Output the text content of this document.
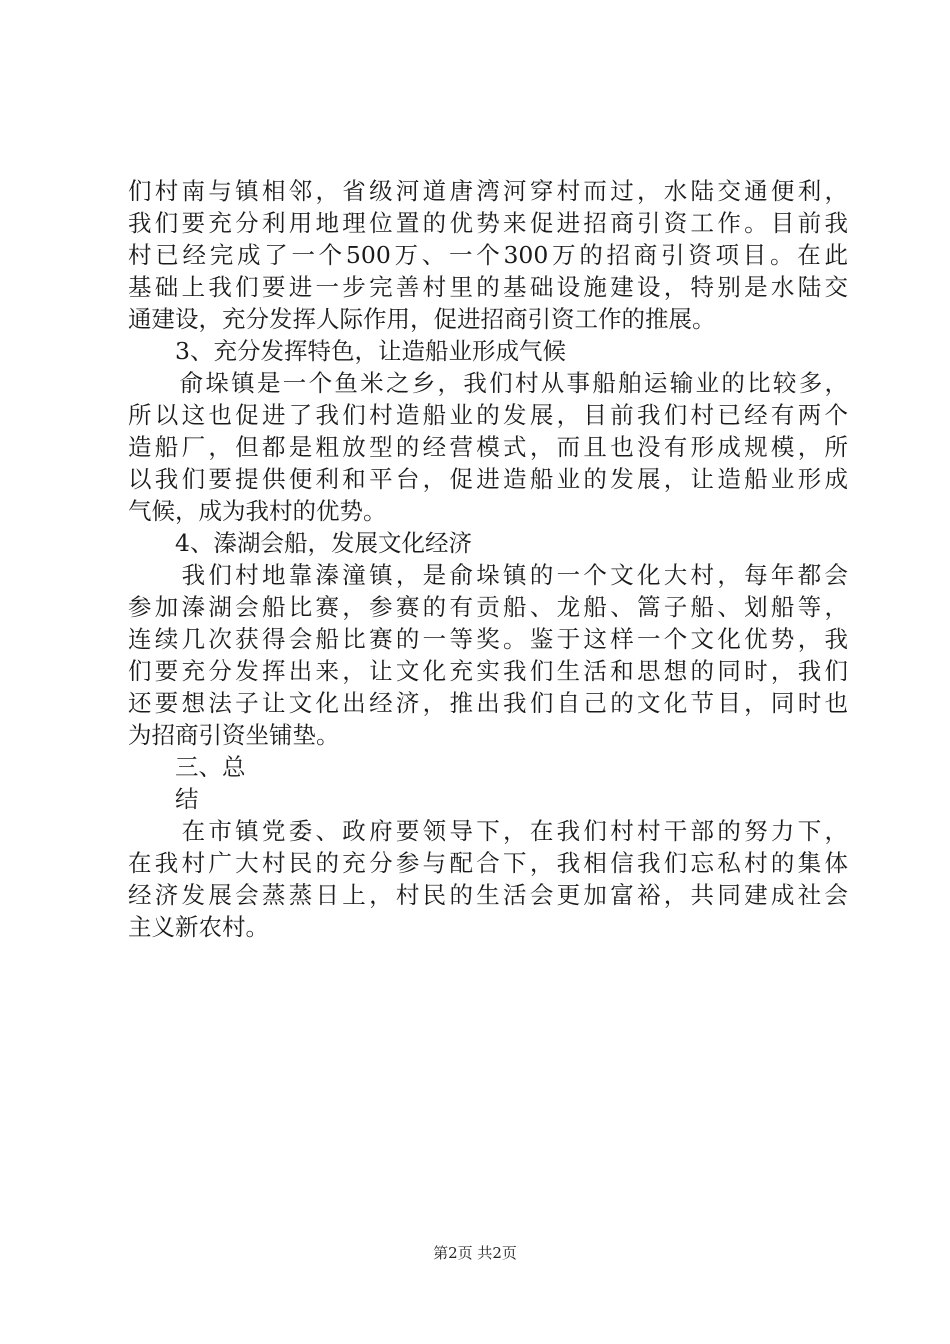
们村南与镇相邻，省级河道唐湾河穿村而过，水陆交通便利，
我们要充分利用地理位置的优势来促进招商引资工作。目前我
村已经完成了一个500万、一个300万的招商引资项目。在此
基础上我们要进一步完善村里的基础设施建设，特别是水陆交
通建设，充分发挥人际作用，促进招商引资工作的推展。
　　3、充分发挥特色，让造船业形成气候
　　俞垛镇是一个鱼米之乡，我们村从事船舶运输业的比较多，
所以这也促进了我们村造船业的发展，目前我们村已经有两个
造船厂，但都是粗放型的经营模式，而且也没有形成规模，所
以我们要提供便利和平台，促进造船业的发展，让造船业形成
气候，成为我村的优势。
　　4、溱湖会船，发展文化经济
　　我们村地靠溱潼镇，是俞垛镇的一个文化大村，每年都会
参加溱湖会船比赛，参赛的有贡船、龙船、篙子船、划船等，
连续几次获得会船比赛的一等奖。鉴于这样一个文化优势，我
们要充分发挥出来，让文化充实我们生活和思想的同时，我们
还要想法子让文化出经济，推出我们自己的文化节目，同时也
为招商引资坐铺垫。
　　三、总
　　结
　　在市镇党委、政府要领导下，在我们村村干部的努力下，
在我村广大村民的充分参与配合下，我相信我们忘私村的集体
经济发展会蒸蒸日上，村民的生活会更加富裕，共同建成社会
主义新农村。
第2页 共2页
